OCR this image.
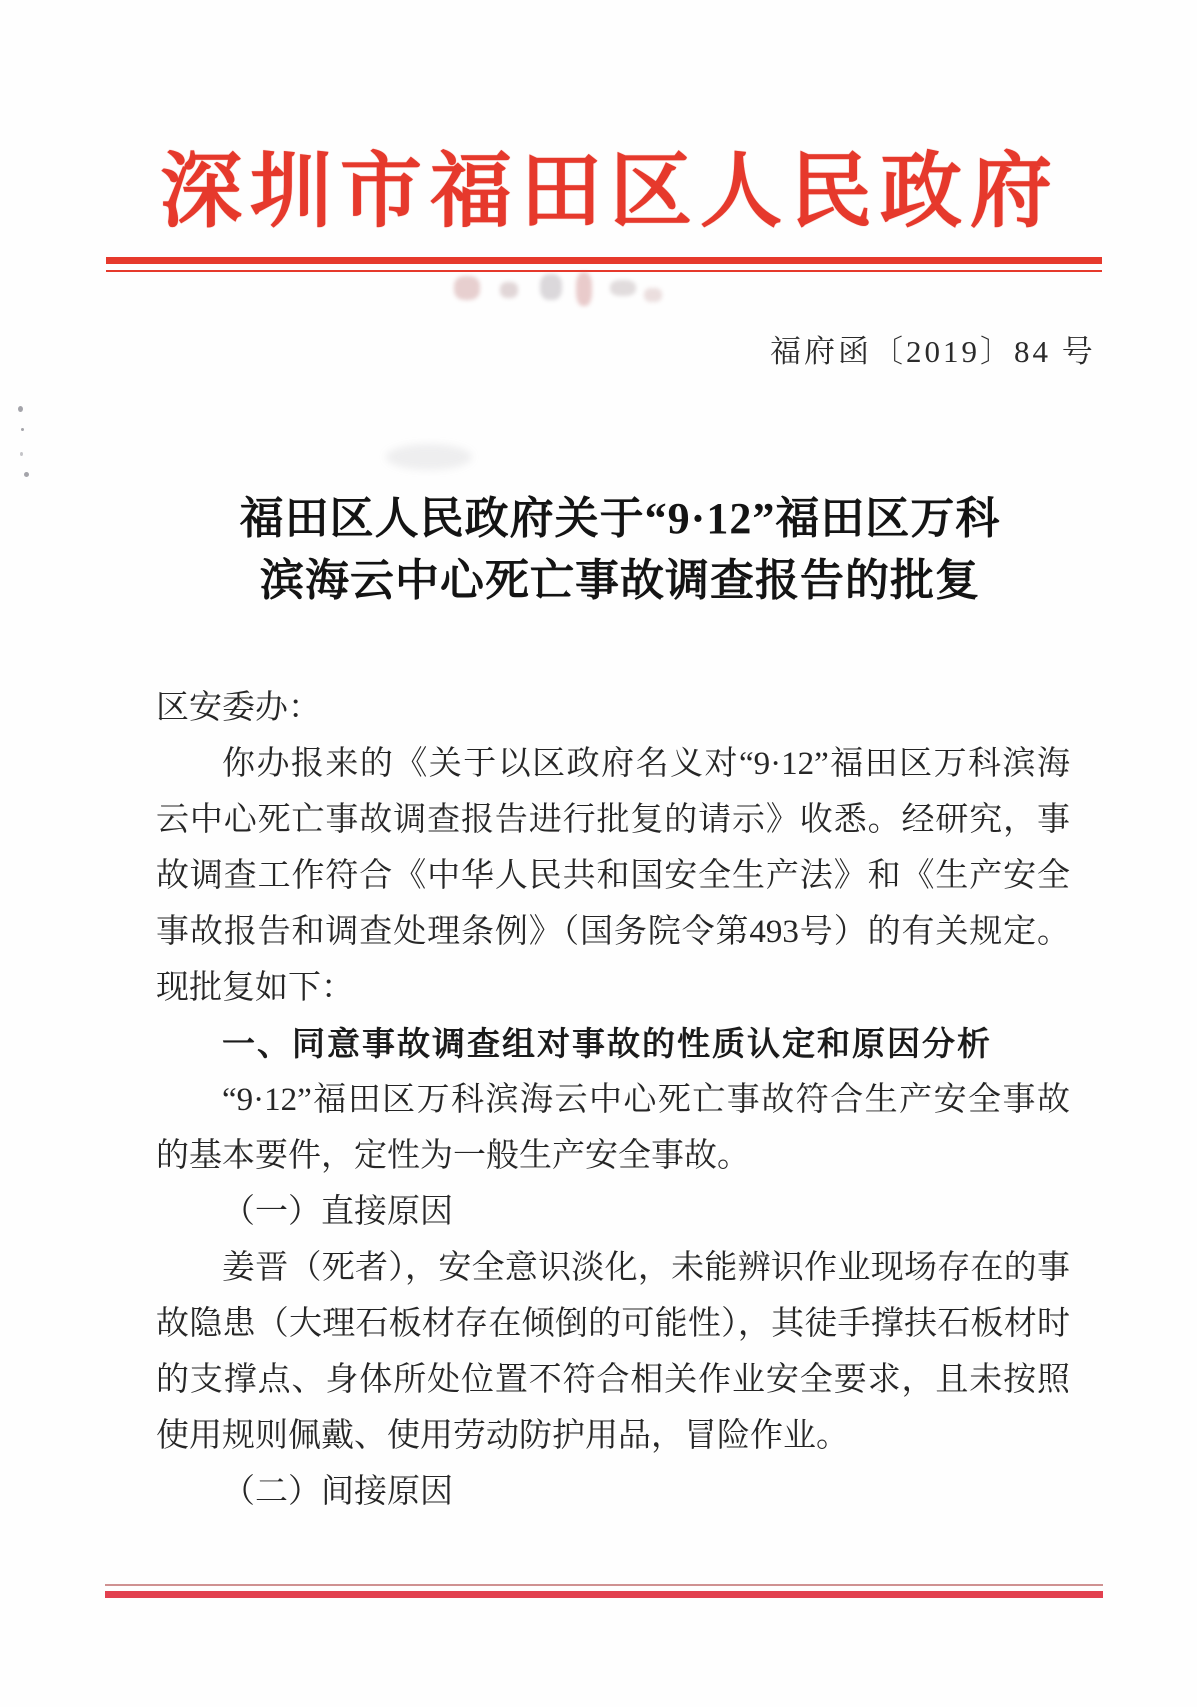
深圳市福田区人民政府
福府函〔2019〕84 号
福田区人民政府关于“9·12”福田区万科
滨海云中心死亡事故调查报告的批复

区安委办：

你办报来的《关于以区政府名义对“9·12”福田区万科滨海云中心死亡事故调查报告进行批复的请示》收悉。经研究，事故调查工作符合《中华人民共和国安全生产法》和《生产安全事故报告和调查处理条例》（国务院令第493号）的有关规定。现批复如下：

一、同意事故调查组对事故的性质认定和原因分析

“9·12”福田区万科滨海云中心死亡事故符合生产安全事故的基本要件，定性为一般生产安全事故。

（一）直接原因

姜晋（死者），安全意识淡化，未能辨识作业现场存在的事故隐患（大理石板材存在倾倒的可能性），其徒手撑扶石板材时的支撑点、身体所处位置不符合相关作业安全要求，且未按照使用规则佩戴、使用劳动防护用品，冒险作业。

（二）间接原因
